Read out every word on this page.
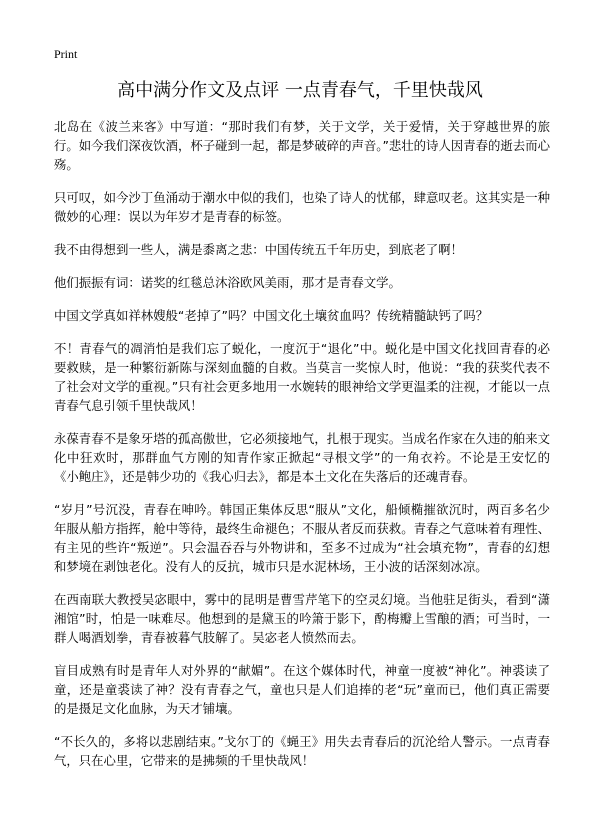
Print
高中满分作文及点评 一点青春气，千里快哉风

北岛在《波兰来客》中写道：“那时我们有梦，关于文学，关于爱情，关于穿越世界的旅行。如今我们深夜饮酒，杯子碰到一起，都是梦破碎的声音。”悲壮的诗人因青春的逝去而心殇。

只可叹，如今沙丁鱼涌动于潮水中似的我们，也染了诗人的忧郁，肆意叹老。这其实是一种微妙的心理：误以为年岁才是青春的标签。

我不由得想到一些人，满是黍离之悲：中国传统五千年历史，到底老了啊！

他们振振有词：诺奖的红毯总沐浴欧风美雨，那才是青春文学。

中国文学真如祥林嫂般“老掉了”吗？中国文化土壤贫血吗？传统精髓缺钙了吗？

不！青春气的凋消怕是我们忘了蜕化，一度沉于“退化”中。蜕化是中国文化找回青春的必要救赎，是一种繁衍新陈与深刻血髓的自救。当莫言一奖惊人时，他说：“我的获奖代表不了社会对文学的重视。”只有社会更多地用一水婉转的眼神给文学更温柔的注视，才能以一点青春气息引领千里快哉风！

永葆青春不是象牙塔的孤高傲世，它必须接地气，扎根于现实。当成名作家在久违的舶来文化中狂欢时，那群血气方刚的知青作家正掀起“寻根文学”的一角衣衿。不论是王安忆的《小鲍庄》，还是韩少功的《我心归去》，都是本土文化在失落后的还魂青春。

“岁月”号沉没，青春在呻吟。韩国正集体反思“服从”文化，船倾椭摧欲沉时，两百多名少年服从船方指挥，舱中等待，最终生命褪色；不服从者反而获救。青春之气意味着有理性、有主见的些许“叛逆”。只会温吞吞与外物讲和，至多不过成为“社会填充物”，青春的幻想和梦境在剥蚀老化。没有人的反抗，城市只是水泥林场，王小波的话深刻冰凉。

在西南联大教授吴宓眼中，雾中的昆明是曹雪芹笔下的空灵幻境。当他驻足街头，看到“潇湘馆”时，怕是一味难尽。他想到的是黛玉的吟箫于影下，酌梅瓣上雪酿的酒；可当时，一群人喝酒划拳，青春被暮气肢解了。吴宓老人愤然而去。

盲目成熟有时是青年人对外界的“献媚”。在这个媒体时代，神童一度被“神化”。神裘读了童，还是童裘读了神？没有青春之气，童也只是人们追捧的老“玩”童而已，他们真正需要的是摄足文化血脉，为天才铺壤。

“不长久的，多将以悲剧结束。”戈尔丁的《蝇王》用失去青春后的沉沦给人警示。一点青春气，只在心里，它带来的是拂频的千里快哉风！
